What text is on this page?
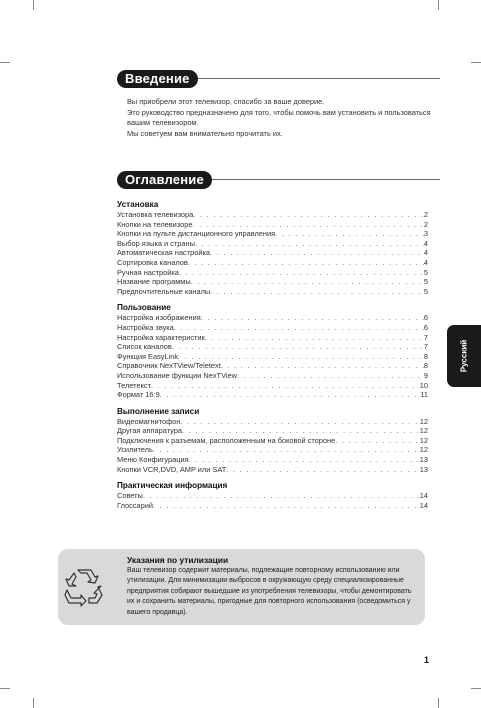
Введение
Вы приобрели этот телевизор, спасибо за ваше доверие.
Это руководство предназначено для того, чтобы помочь вам установить и пользоваться вашим телевизором.
Мы советуем вам внимательно прочитать их.
Оглавление
Установка
Установка телевизора . . .	2
Кнопки на телевизоре . . .	2
Кнопки на пульте дистанционного управления . . .	3
Выбор языка и страны . . .	4
Автоматическая настройка . . .	4
Сортировка каналов . . .	4
Ручная настройка . . .	5
Название программы . . .	5
Предпочтительные каналы . . .	5
Пользование
Настройка изображения . . .	6
Настройка звука . . .	6
Настройка характеристик . . .	7
Список каналов . . .	7
Функция EasyLink . . .	8
Справочник NexTView/Teletext . . .	8
Использование функции NexTView . . .	9
Телетекст . . .	10
Формат 16:9 . . .	11
Выполнение записи
Видеомагнитофон . . .	12
Другая аппаратура . . .	12
Подключения к разъемам, расположенным на боковой стороне . . .	12
Усилитель . . .	12
Меню Конфигурация . . .	13
Кнопки VCR,DVD, AMP или SAT . . .	13
Практическая информация
Советы . . .	14
Глоссарий . . .	14
Русский
Указания по утилизации
Ваш телевизор содержит материалы, подлежащие повторному использованию или утилизации. Для минимизации выбросов в окружающую среду специализированные предприятия собирают вышедшие из употребления телевизоры, чтобы демонтировать их и сохранить материалы, пригодные для повторного использования (осведомиться у вашего продавца).
1
